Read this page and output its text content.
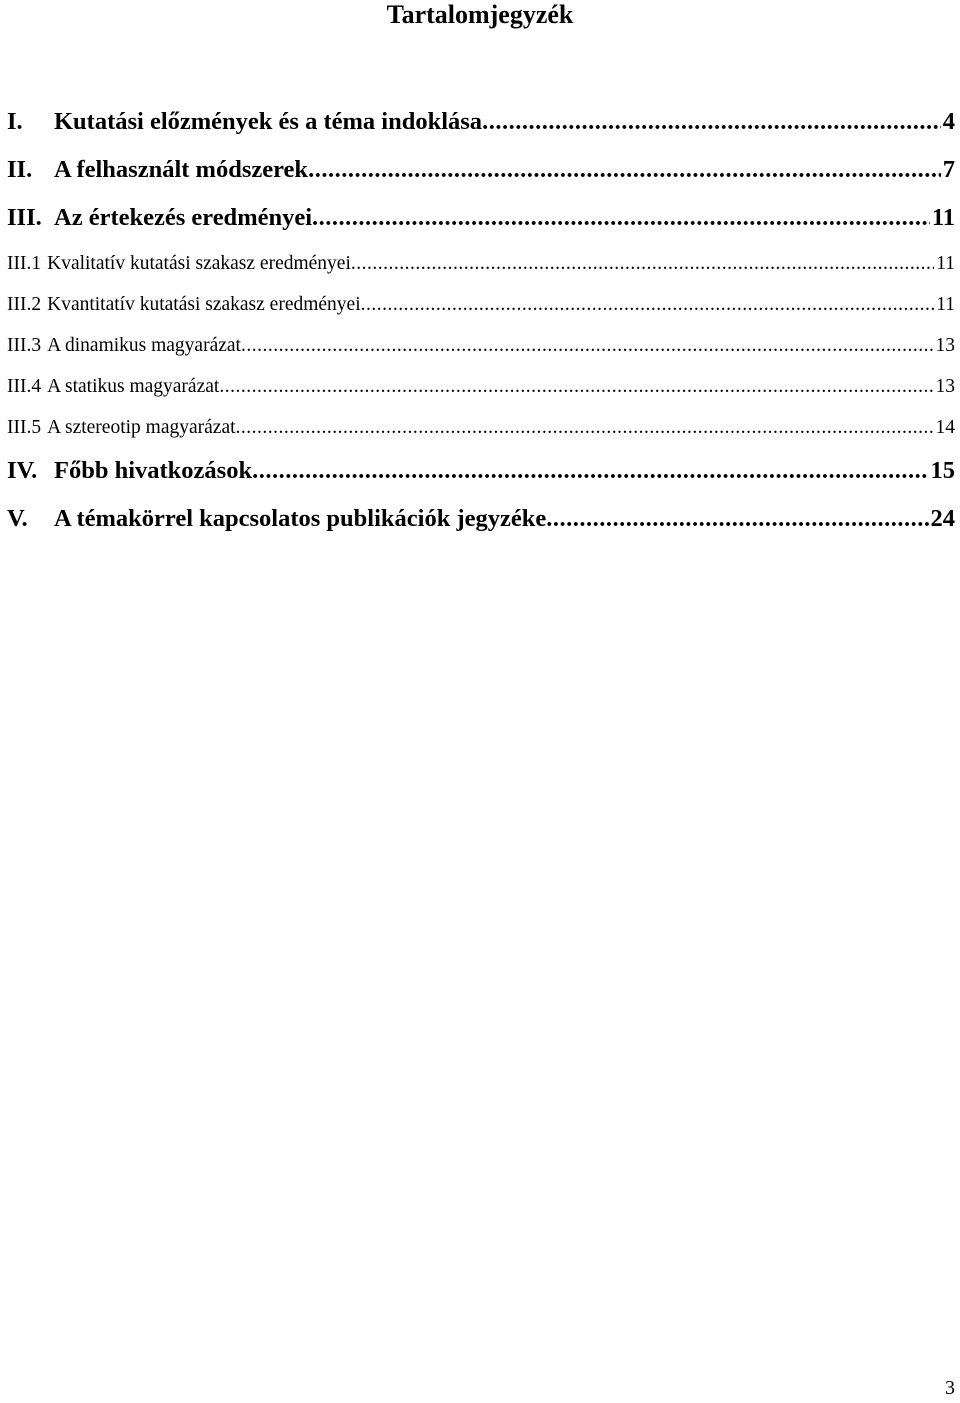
Tartalomjegyzék
I.	Kutatási előzmények és a téma indoklása .....	4
II. A felhasznált módszerek .....	7
III. Az értekezés eredményei .....	11
III.1 Kvalitatív kutatási szakasz eredményei .....	11
III.2 Kvantitatív kutatási szakasz eredményei .....	11
III.3 A dinamikus magyarázat .....	13
III.4 A statikus magyarázat .....	13
III.5 A sztereotip magyarázat .....	14
IV. Főbb hivatkozások .....	15
V.	A témakörrel kapcsolatos publikációk jegyzéke .....	24
3
